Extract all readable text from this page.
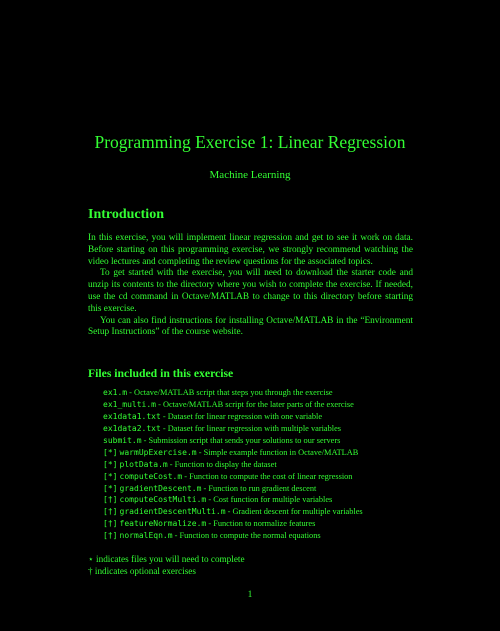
Programming Exercise 1: Linear Regression
Machine Learning
Introduction

In this exercise, you will implement linear regression and get to see it work on data. Before starting on this programming exercise, we strongly recommend watching the video lectures and completing the review questions for the associated topics.

To get started with the exercise, you will need to download the starter code and unzip its contents to the directory where you wish to complete the exercise. If needed, use the cd command in Octave/MATLAB to change to this directory before starting this exercise.

You can also find instructions for installing Octave/MATLAB in the “Environment Setup Instructions” of the course website.

Files included in this exercise
ex1.m - Octave/MATLAB script that steps you through the exercise
ex1_multi.m - Octave/MATLAB script for the later parts of the exercise
ex1data1.txt - Dataset for linear regression with one variable
ex1data2.txt - Dataset for linear regression with multiple variables
submit.m - Submission script that sends your solutions to our servers
[*] warmUpExercise.m - Simple example function in Octave/MATLAB
[*] plotData.m - Function to display the dataset
[*] computeCost.m - Function to compute the cost of linear regression
[*] gradientDescent.m - Function to run gradient descent
[†] computeCostMulti.m - Cost function for multiple variables
[†] gradientDescentMulti.m - Gradient descent for multiple variables
[†] featureNormalize.m - Function to normalize features
[†] normalEqn.m - Function to compute the normal equations
⋆ indicates files you will need to complete
† indicates optional exercises
1
